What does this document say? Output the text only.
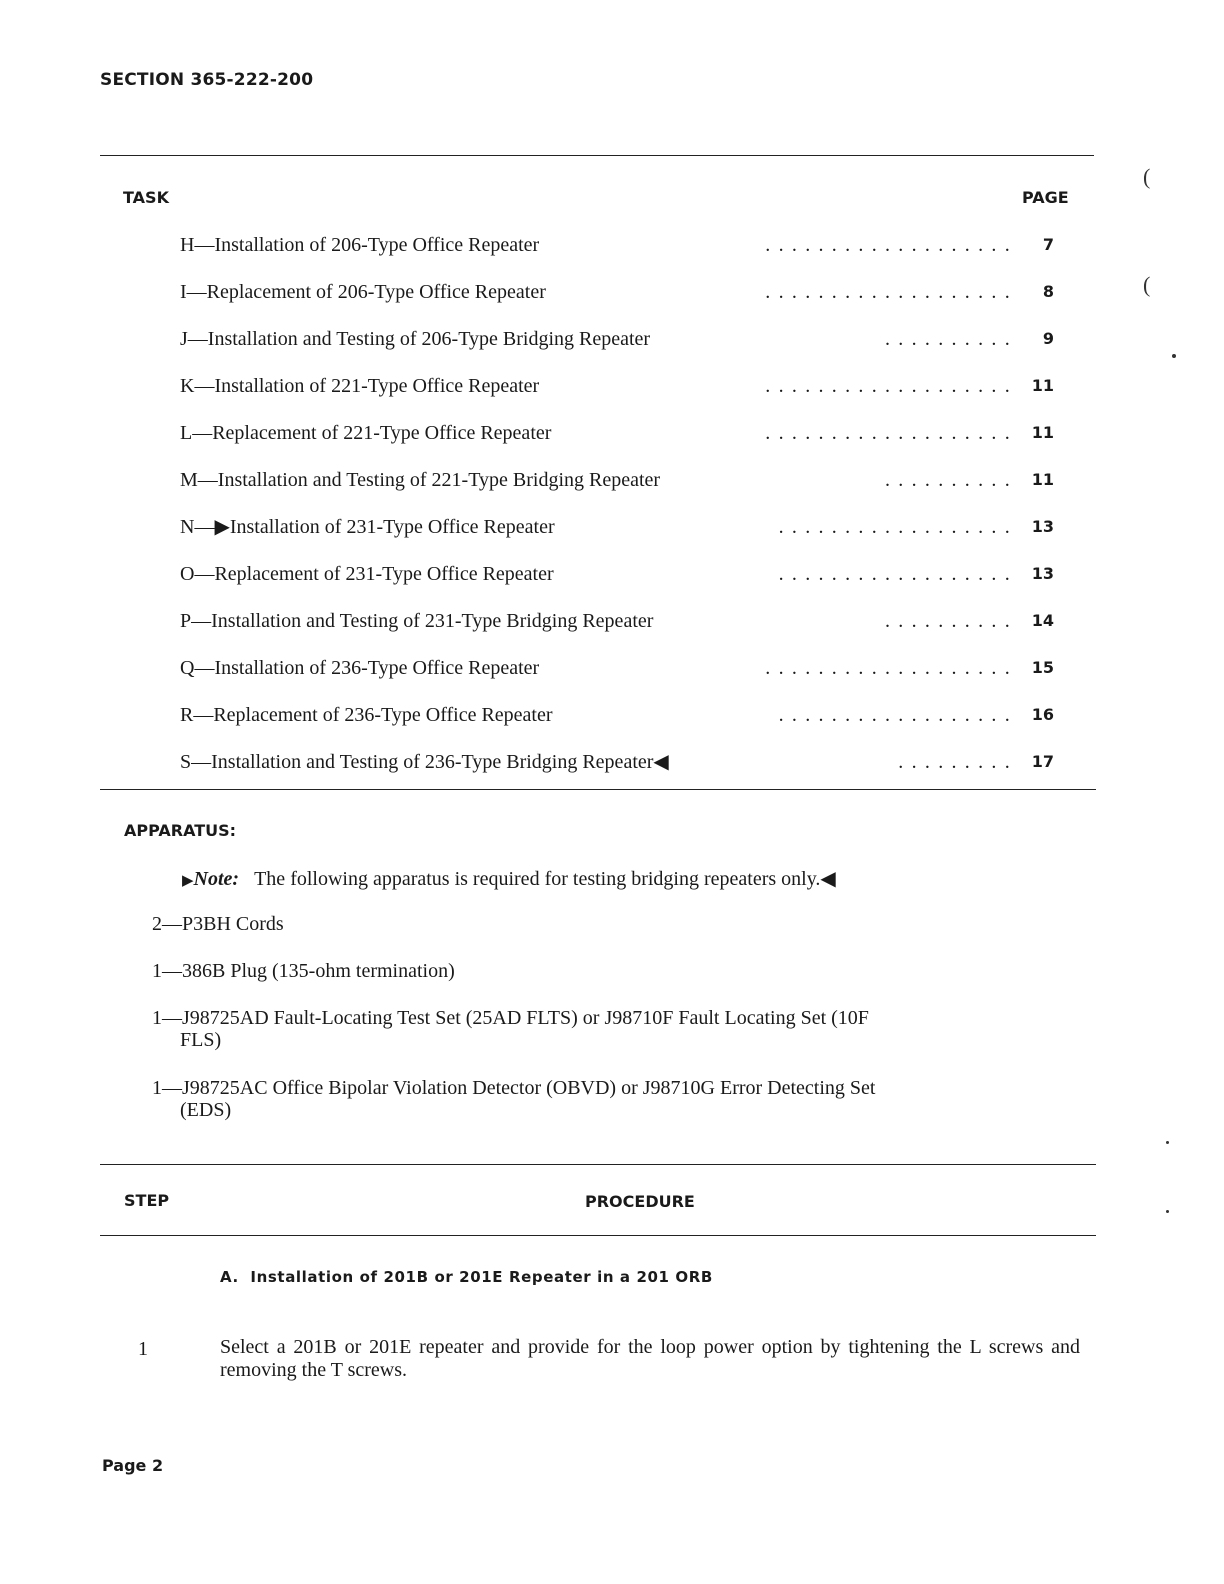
SECTION 365-222-200
TASK	PAGE
H—Installation of 206-Type Office Repeater	................... 7
I—Replacement of 206-Type Office Repeater	................... 8
J—Installation and Testing of 206-Type Bridging Repeater	.......... 9
K—Installation of 221-Type Office Repeater	................... 11
L—Replacement of 221-Type Office Repeater	................... 11
M—Installation and Testing of 221-Type Bridging Repeater	.......... 11
N—▶Installation of 231-Type Office Repeater	.................. 13
O—Replacement of 231-Type Office Repeater	.................. 13
P—Installation and Testing of 231-Type Bridging Repeater	.......... 14
Q—Installation of 236-Type Office Repeater	................... 15
R—Replacement of 236-Type Office Repeater	.................. 16
S—Installation and Testing of 236-Type Bridging Repeater◀	......... 17
APPARATUS:
▶Note: The following apparatus is required for testing bridging repeaters only.◀
2—P3BH Cords
1—386B Plug (135-ohm termination)
1—J98725AD Fault-Locating Test Set (25AD FLTS) or J98710F Fault Locating Set (10F
FLS)
1—J98725AC Office Bipolar Violation Detector (OBVD) or J98710G Error Detecting Set
(EDS)
STEP	PROCEDURE
A.  Installation of 201B or 201E Repeater in a 201 ORB
1	Select a 201B or 201E repeater and provide for the loop power option by tightening the L screws and removing the T screws.
Page 2
(
(
